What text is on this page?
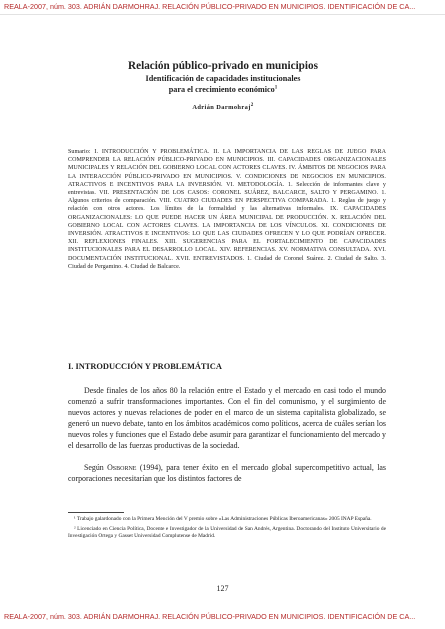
REALA-2007, núm. 303. ADRIÁN DARMOHRAJ. RELACIÓN PÚBLICO-PRIVADO EN MUNICIPIOS. IDENTIFICACIÓN DE CA...

Relación público-privado en municipios

Identificación de capacidades institucionales

para el crecimiento económico$^1$

Adrián Darmohraj$^2$

Sumario: I. INTRODUCCIÓN Y PROBLEMÁTICA. II. LA IMPORTANCIA DE LAS REGLAS DE JUEGO PARA COMPRENDER LA RELACIÓN PÚBLICO-PRIVADO EN MUNICIPIOS. III. CAPACIDADES ORGANIZACIONALES MUNICIPALES Y RELACIÓN DEL GOBIERNO LOCAL CON ACTORES CLAVES. IV. ÁMBITOS DE NEGOCIOS PARA LA INTERACCIÓN PÚBLICO-PRIVADO EN MUNICIPIOS. V. CONDICIONES DE NEGOCIOS EN MUNICIPIOS. ATRACTIVOS E INCENTIVOS PARA LA INVERSIÓN. VI. METODOLOGÍA. 1. Selección de informantes clave y entrevistas. VII. PRESENTACIÓN DE LOS CASOS: CORONEL SUÁREZ, BALCARCE, SALTO Y PERGAMINO. 1. Algunos criterios de comparación. VIII. CUATRO CIUDADES EN PERSPECTIVA COMPARADA. 1. Reglas de juego y relación con otros actores. Los límites de la formalidad y las alternativas informales. IX. CAPACIDADES ORGANIZACIONALES: LO QUE PUEDE HACER UN ÁREA MUNICIPAL DE PRODUCCIÓN. X. RELACIÓN DEL GOBIERNO LOCAL CON ACTORES CLAVES. LA IMPORTANCIA DE LOS VÍNCULOS. XI. CONDICIONES DE INVERSIÓN. ATRACTIVOS E INCENTIVOS: LO QUE LAS CIUDADES OFRECEN Y LO QUE PODRÍAN OFRECER. XII. REFLEXIONES FINALES. XIII. SUGERENCIAS PARA EL FORTALECIMIENTO DE CAPACIDADES INSTITUCIONALES PARA EL DESARROLLO LOCAL. XIV. REFERENCIAS. XV. NORMATIVA CONSULTADA. XVI. DOCUMENTACIÓN INSTITUCIONAL. XVII. ENTREVISTADOS. 1. Ciudad de Coronel Suárez. 2. Ciudad de Salto. 3. Ciudad de Pergamino. 4. Ciudad de Balcarce.
I. INTRODUCCIÓN Y PROBLEMÁTICA

Desde finales de los años 80 la relación entre el Estado y el mercado en casi todo el mundo comenzó a sufrir transformaciones importantes. Con el fin del comunismo, y el surgimiento de nuevos actores y nuevas relaciones de poder en el marco de un sistema capitalista globalizado, se generó un nuevo debate, tanto en los ámbitos académicos como políticos, acerca de cuáles serían los nuevos roles y funciones que el Estado debe asumir para garantizar el funcionamiento del mercado y el desarrollo de las fuerzas productivas de la sociedad.

Según Osborne (1994), para tener éxito en el mercado global supercompetitivo actual, las corporaciones necesitarían que los distintos factores de

¹ Trabajo galardonado con la Primera Mención del V premio sobre «Las Administraciones Públicas Iberoamericanas» 2005 INAP España.

² Licenciado en Ciencia Política, Docente e Investigador de la Universidad de San Andrés, Argentina. Doctorando del Instituto Universitario de Investigación Ortega y Gasset Universidad Complutense de Madrid.

127
REALA-2007, núm. 303. ADRIÁN DARMOHRAJ. RELACIÓN PÚBLICO-PRIVADO EN MUNICIPIOS. IDENTIFICACIÓN DE CA...
